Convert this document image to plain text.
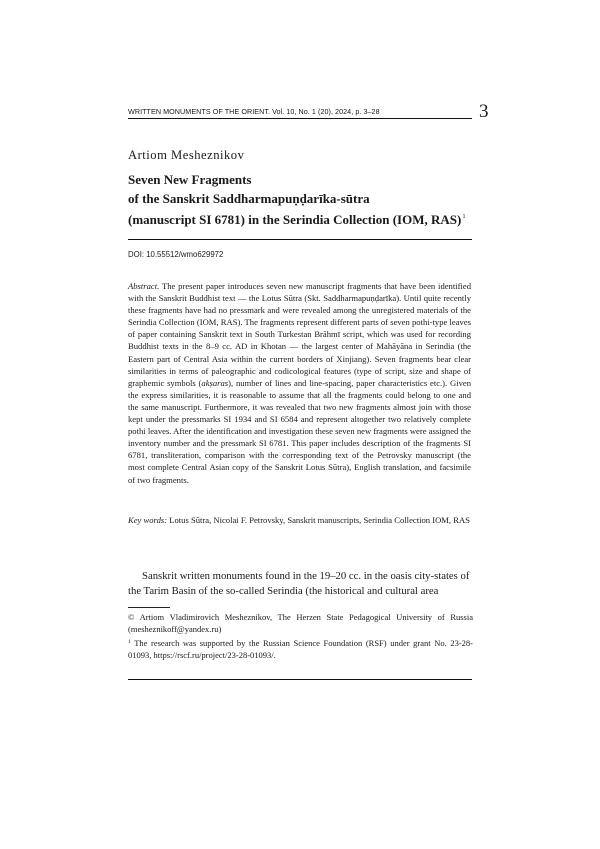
WRITTEN MONUMENTS OF THE ORIENT. Vol. 10, No. 1 (20), 2024, p. 3–28	3
Artiom Mesheznikov
Seven New Fragments
of the Sanskrit Saddharmapuṇḍarīka-sūtra
(manuscript SI 6781) in the Serindia Collection (IOM, RAS)$^1$
DOI: 10.55512/wmo629972

Abstract. The present paper introduces seven new manuscript fragments that have been identified with the Sanskrit Buddhist text — the Lotus Sūtra (Skt. Saddharmapuṇḍarīka). Until quite recently these fragments have had no pressmark and were revealed among the unregistered materials of the Serindia Collection (IOM, RAS). The fragments represent different parts of seven pothi-type leaves of paper containing Sanskrit text in South Turkestan Brāhmī script, which was used for recording Buddhist texts in the 8–9 cc. AD in Khotan — the largest center of Mahāyāna in Serindia (the Eastern part of Central Asia within the current borders of Xinjiang). Seven fragments bear clear similarities in terms of paleographic and codicological features (type of script, size and shape of graphemic symbols (akṣaras), number of lines and line-spacing, paper characteristics etc.). Given the express similarities, it is reasonable to assume that all the fragments could belong to one and the same manuscript. Furthermore, it was revealed that two new fragments almost join with those kept under the pressmarks SI 1934 and SI 6584 and represent altogether two relatively complete pothi leaves. After the identification and investigation these seven new fragments were assigned the inventory number and the pressmark SI 6781. This paper includes description of the fragments SI 6781, transliteration, comparison with the corresponding text of the Petrovsky manuscript (the most complete Central Asian copy of the Sanskrit Lotus Sūtra), English translation, and facsimile of two fragments.

Key words: Lotus Sūtra, Nicolai F. Petrovsky, Sanskrit manuscripts, Serindia Collection IOM, RAS

Sanskrit written monuments found in the 19–20 cc. in the oasis city-states of the Tarim Basin of the so-called Serindia (the historical and cultural area

© Artiom Vladimirovich Mesheznikov, The Herzen State Pedagogical University of Russia (mesheznikoff@yandex.ru)

$^1$ The research was supported by the Russian Science Foundation (RSF) under grant No. 23-28-01093, https://rscf.ru/project/23-28-01093/.
